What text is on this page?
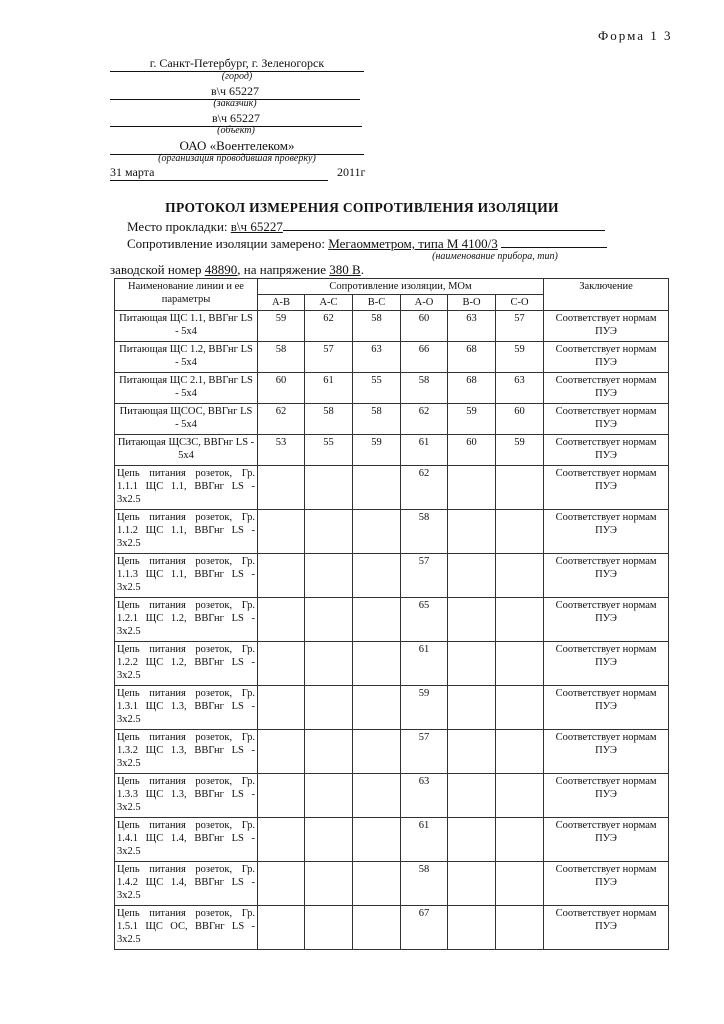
Форма 1 3
г. Санкт-Петербург, г. Зеленогорск
(город)
в\ч 65227
(заказчик)
в\ч 65227
(объект)
ОАО «Воентелеком»
(организация проводившая проверку)
31 марта	2011г
ПРОТОКОЛ ИЗМЕРЕНИЯ СОПРОТИВЛЕНИЯ ИЗОЛЯЦИИ
Место прокладки: в\ч 65227
Сопротивление изоляции замерено: Мегаомметром, типа М 4100/3
(наименование прибора, тип)
заводской номер 48890, на напряжение 380 В.
Наименование линии и ее параметры	Сопротивление изоляции, МОм						Заключение
	А-В	А-С	В-С	А-О	В-О	С-О	
Питающая ЩС 1.1, ВВГнг LS - 5х4	59	62	58	60	63	57	Соответствует нормам ПУЭ
Питающая ЩС 1.2, ВВГнг LS - 5х4	58	57	63	66	68	59	Соответствует нормам ПУЭ
Питающая ЩС 2.1, ВВГнг LS - 5х4	60	61	55	58	68	63	Соответствует нормам ПУЭ
Питающая ЩСОС, ВВГнг LS - 5х4	62	58	58	62	59	60	Соответствует нормам ПУЭ
Питающая ЩСЗС, ВВГнг LS - 5х4	53	55	59	61	60	59	Соответствует нормам ПУЭ
Цепь питания розеток, Гр. 1.1.1 ЩС 1.1, ВВГнг LS - 3х2.5				62			Соответствует нормам ПУЭ
Цепь питания розеток, Гр. 1.1.2 ЩС 1.1, ВВГнг LS - 3х2.5				58			Соответствует нормам ПУЭ
Цепь питания розеток, Гр. 1.1.3 ЩС 1.1, ВВГнг LS - 3х2.5				57			Соответствует нормам ПУЭ
Цепь питания розеток, Гр. 1.2.1 ЩС 1.2, ВВГнг LS - 3х2.5				65			Соответствует нормам ПУЭ
Цепь питания розеток, Гр. 1.2.2 ЩС 1.2, ВВГнг LS - 3х2.5				61			Соответствует нормам ПУЭ
Цепь питания розеток, Гр. 1.3.1 ЩС 1.3, ВВГнг LS - 3х2.5				59			Соответствует нормам ПУЭ
Цепь питания розеток, Гр. 1.3.2 ЩС 1.3, ВВГнг LS - 3х2.5				57			Соответствует нормам ПУЭ
Цепь питания розеток, Гр. 1.3.3 ЩС 1.3, ВВГнг LS - 3х2.5				63			Соответствует нормам ПУЭ
Цепь питания розеток, Гр. 1.4.1 ЩС 1.4, ВВГнг LS - 3х2.5				61			Соответствует нормам ПУЭ
Цепь питания розеток, Гр. 1.4.2 ЩС 1.4, ВВГнг LS - 3х2.5				58			Соответствует нормам ПУЭ
Цепь питания розеток, Гр. 1.5.1 ЩС ОС, ВВГнг LS - 3х2.5				67			Соответствует нормам ПУЭ
